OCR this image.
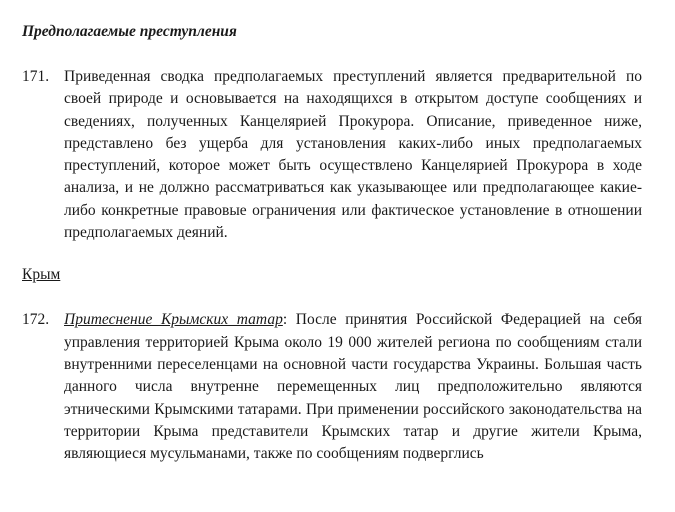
Предполагаемые преступления

171. Приведенная сводка предполагаемых преступлений является предварительной по своей природе и основывается на находящихся в открытом доступе сообщениях и сведениях, полученных Канцелярией Прокурора. Описание, приведенное ниже, представлено без ущерба для установления каких-либо иных предполагаемых преступлений, которое может быть осуществлено Канцелярией Прокурора в ходе анализа, и не должно рассматриваться как указывающее или предполагающее какие-либо конкретные правовые ограничения или фактическое установление в отношении предполагаемых деяний.

Крым

172. Притеснение Крымских татар: После принятия Российской Федерацией на себя управления территорией Крыма около 19 000 жителей региона по сообщениям стали внутренними переселенцами на основной части государства Украины. Большая часть данного числа внутренне перемещенных лиц предположительно являются этническими Крымскими татарами. При применении российского законодательства на территории Крыма представители Крымских татар и другие жители Крыма, являющиеся мусульманами, также по сообщениям подверглись
